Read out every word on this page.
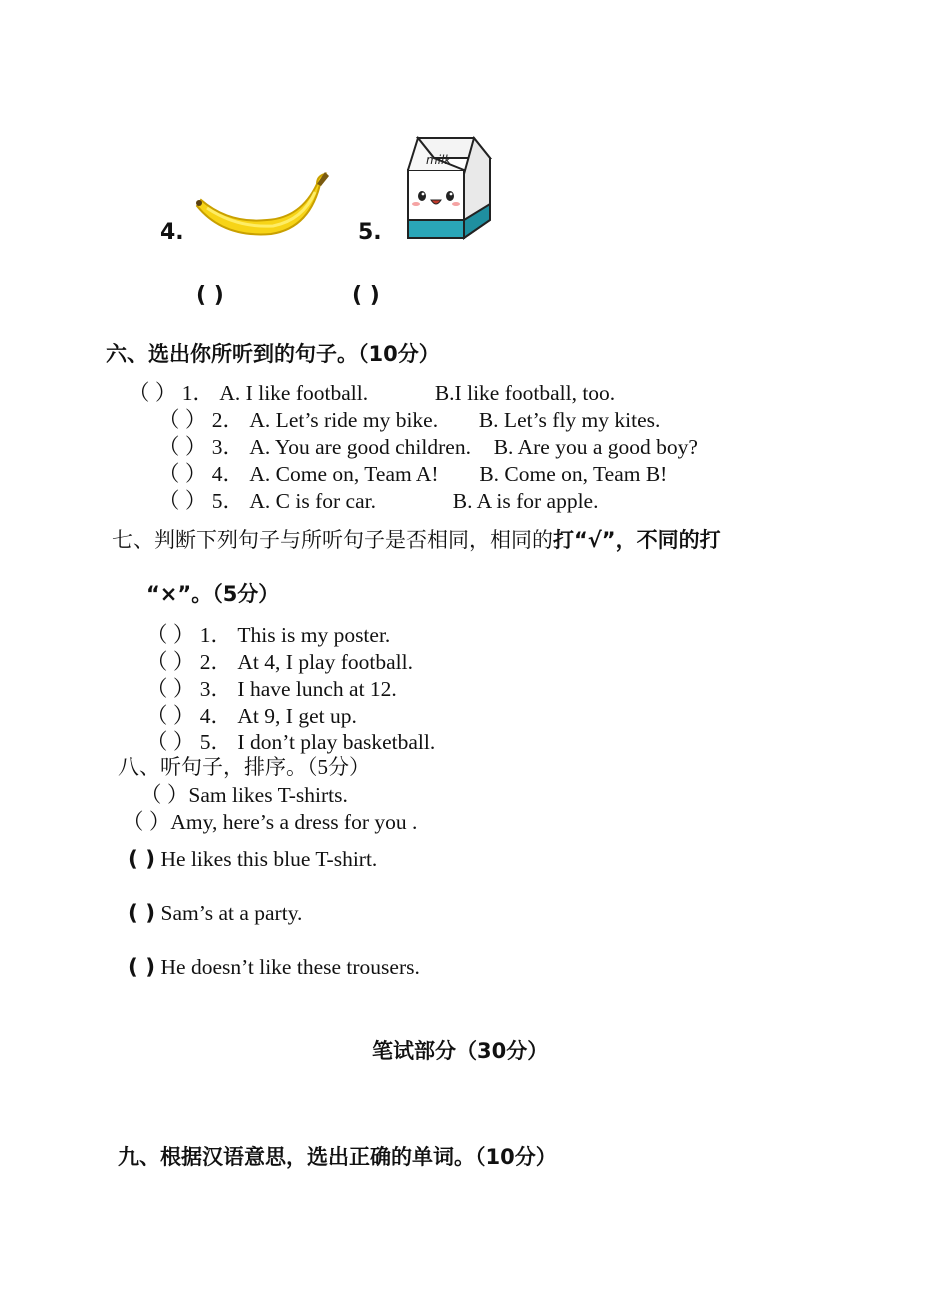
4.	5.
milk
( )	( )
六、选出你所听到的句子。（10分）
（ ） 1． A. I like football.	B.I like football, too.
（ ） 2． A. Let’s ride my bike. B. Let’s fly my kites.
（ ） 3． A. You are good children. B. Are you a good boy?
（ ） 4． A. Come on, Team A! B. Come on, Team B!
（ ） 5． A. C is for car.	B. A is for apple.
七、判断下列句子与所听句子是否相同，相同的打“√”，不同的打
“×”。（5分）
（ ） 1． This is my poster.
（ ） 2． At 4, I play football.
（ ） 3． I have lunch at 12.
（ ） 4． At 9, I get up.
（ ） 5． I don’t play basketball.
八、听句子，排序。（5分）
（ ）Sam likes T-shirts.
（ ）Amy, here’s a dress for you .
( ) He likes this blue T-shirt.
( ) Sam’s at a party.
( ) He doesn’t like these trousers.
笔试部分（30分）
九、根据汉语意思，选出正确的单词。（10分）
